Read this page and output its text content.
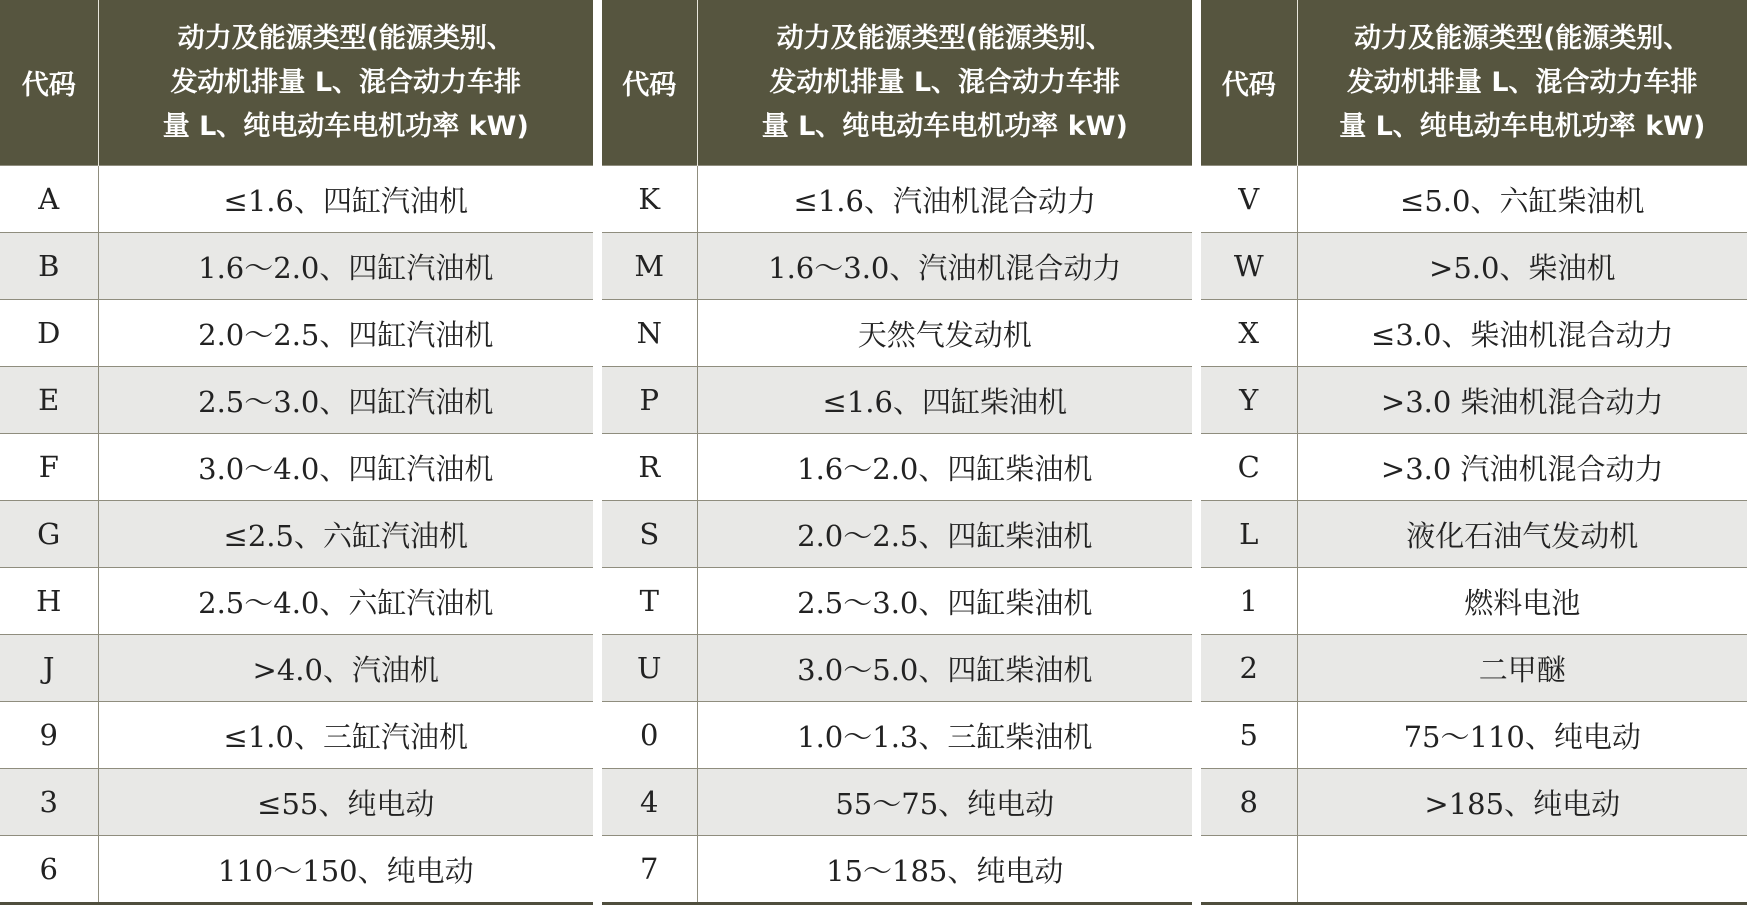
代码	动力及能源类型(能源类别、
发动机排量 L、混合动力车排
量 L、纯电动车电机功率 kW)

A	≤1.6、四缸汽油机
B	1.6～2.0、四缸汽油机
D	2.0～2.5、四缸汽油机
E	2.5～3.0、四缸汽油机
F	3.0～4.0、四缸汽油机
G	≤2.5、六缸汽油机
H	2.5～4.0、六缸汽油机
J	>4.0、汽油机
9	≤1.0、三缸汽油机
3	≤55、纯电动
6	110～150、纯电动
代码	动力及能源类型(能源类别、
发动机排量 L、混合动力车排
量 L、纯电动车电机功率 kW)

K	≤1.6、汽油机混合动力
M	1.6～3.0、汽油机混合动力
N	天然气发动机
P	≤1.6、四缸柴油机
R	1.6～2.0、四缸柴油机
S	2.0～2.5、四缸柴油机
T	2.5～3.0、四缸柴油机
U	3.0～5.0、四缸柴油机
0	1.0～1.3、三缸柴油机
4	55～75、纯电动
7	15～185、纯电动
代码	动力及能源类型(能源类别、
发动机排量 L、混合动力车排
量 L、纯电动车电机功率 kW)

V	≤5.0、六缸柴油机
W	>5.0、柴油机
X	≤3.0、柴油机混合动力
Y	>3.0 柴油机混合动力
C	>3.0 汽油机混合动力
L	液化石油气发动机
1	燃料电池
2	二甲醚
5	75～110、纯电动
8	>185、纯电动
